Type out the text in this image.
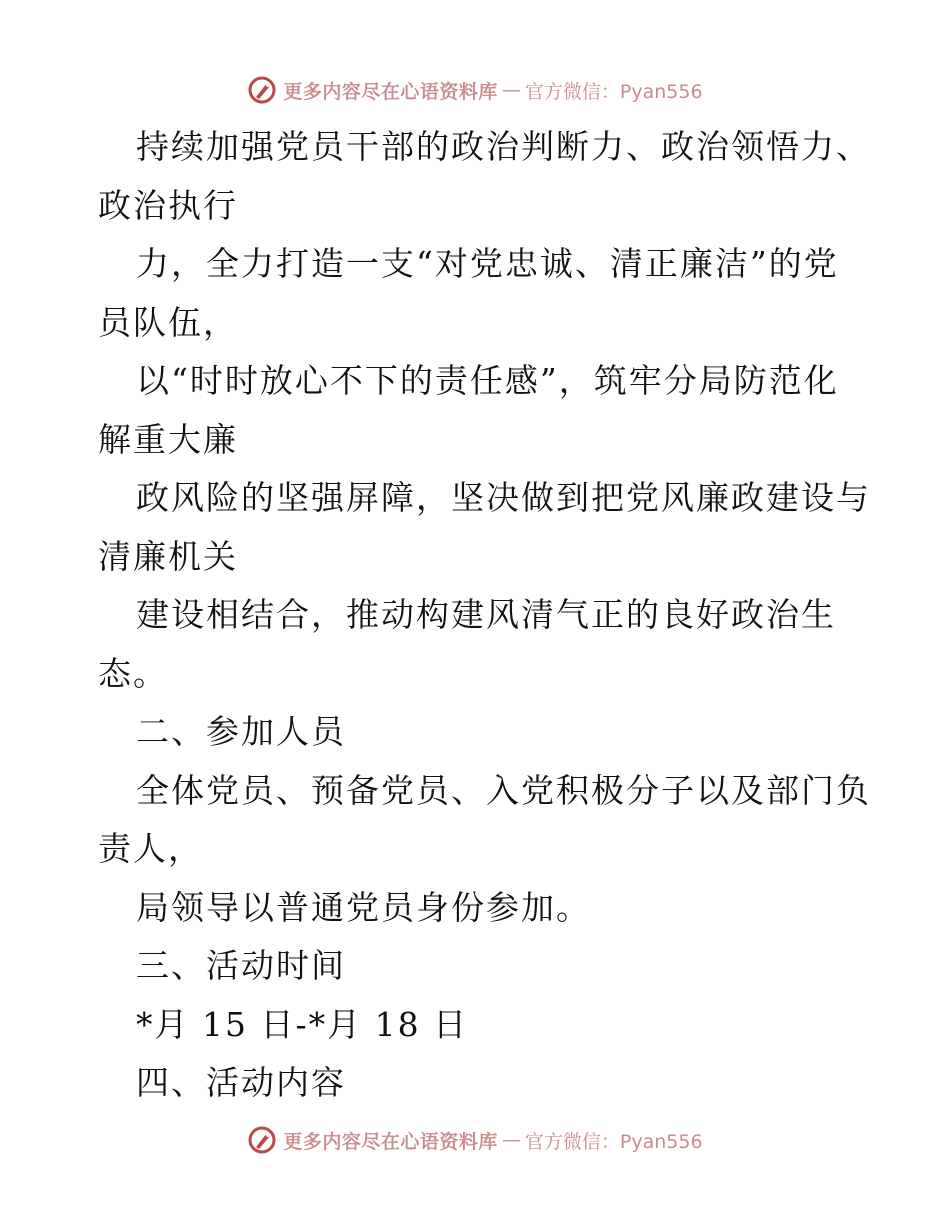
更多内容尽在心语资料库 — 官方微信：Pyan556
持续加强党员干部的政治判断力、政治领悟力、
政治执行
力，全力打造一支“对党忠诚、清正廉洁”的党
员队伍，
以“时时放心不下的责任感”，筑牢分局防范化
解重大廉
政风险的坚强屏障，坚决做到把党风廉政建设与
清廉机关
建设相结合，推动构建风清气正的良好政治生
态。
二、参加人员
全体党员、预备党员、入党积极分子以及部门负
责人，
局领导以普通党员身份参加。
三、活动时间
*月 15 日-*月 18 日
四、活动内容
更多内容尽在心语资料库 — 官方微信：Pyan556
